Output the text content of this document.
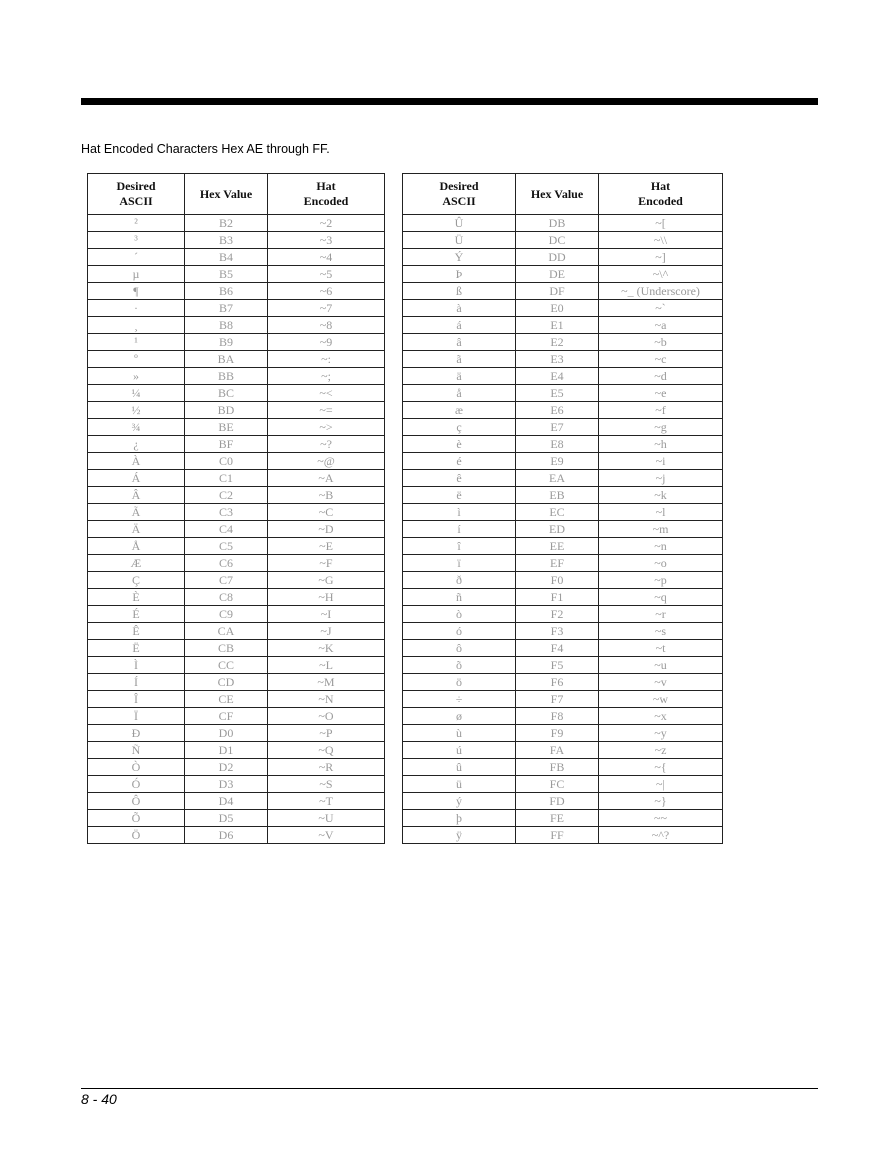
Hat Encoded Characters Hex AE through FF.
Desired
ASCII	Hex Value	Hat
Encoded
²	B2	~2
³	B3	~3
´	B4	~4
µ	B5	~5
¶	B6	~6
·	B7	~7
¸	B8	~8
¹	B9	~9
º	BA	~:
»	BB	~;
¼	BC	~<
½	BD	~=
¾	BE	~>
¿	BF	~?
À	C0	~@
Á	C1	~A
Â	C2	~B
Ã	C3	~C
Ä	C4	~D
Å	C5	~E
Æ	C6	~F
Ç	C7	~G
È	C8	~H
É	C9	~I
Ê	CA	~J
Ë	CB	~K
Ì	CC	~L
Í	CD	~M
Î	CE	~N
Ï	CF	~O
Ð	D0	~P
Ñ	D1	~Q
Ò	D2	~R
Ó	D3	~S
Ô	D4	~T
Õ	D5	~U
Ö	D6	~V
Desired
ASCII	Hex Value	Hat
Encoded
Û	DB	~[
Ü	DC	~\\
Ý	DD	~]
Þ	DE	~\^
ß	DF	~_ (Underscore)
à	E0	~`
á	E1	~a
â	E2	~b
ã	E3	~c
ä	E4	~d
å	E5	~e
æ	E6	~f
ç	E7	~g
è	E8	~h
é	E9	~i
ê	EA	~j
ë	EB	~k
ì	EC	~l
í	ED	~m
î	EE	~n
ï	EF	~o
ð	F0	~p
ñ	F1	~q
ò	F2	~r
ó	F3	~s
ô	F4	~t
õ	F5	~u
ö	F6	~v
÷	F7	~w
ø	F8	~x
ù	F9	~y
ú	FA	~z
û	FB	~{
ü	FC	~|
ý	FD	~}
þ	FE	~~
ÿ	FF	~^?
8 - 40
